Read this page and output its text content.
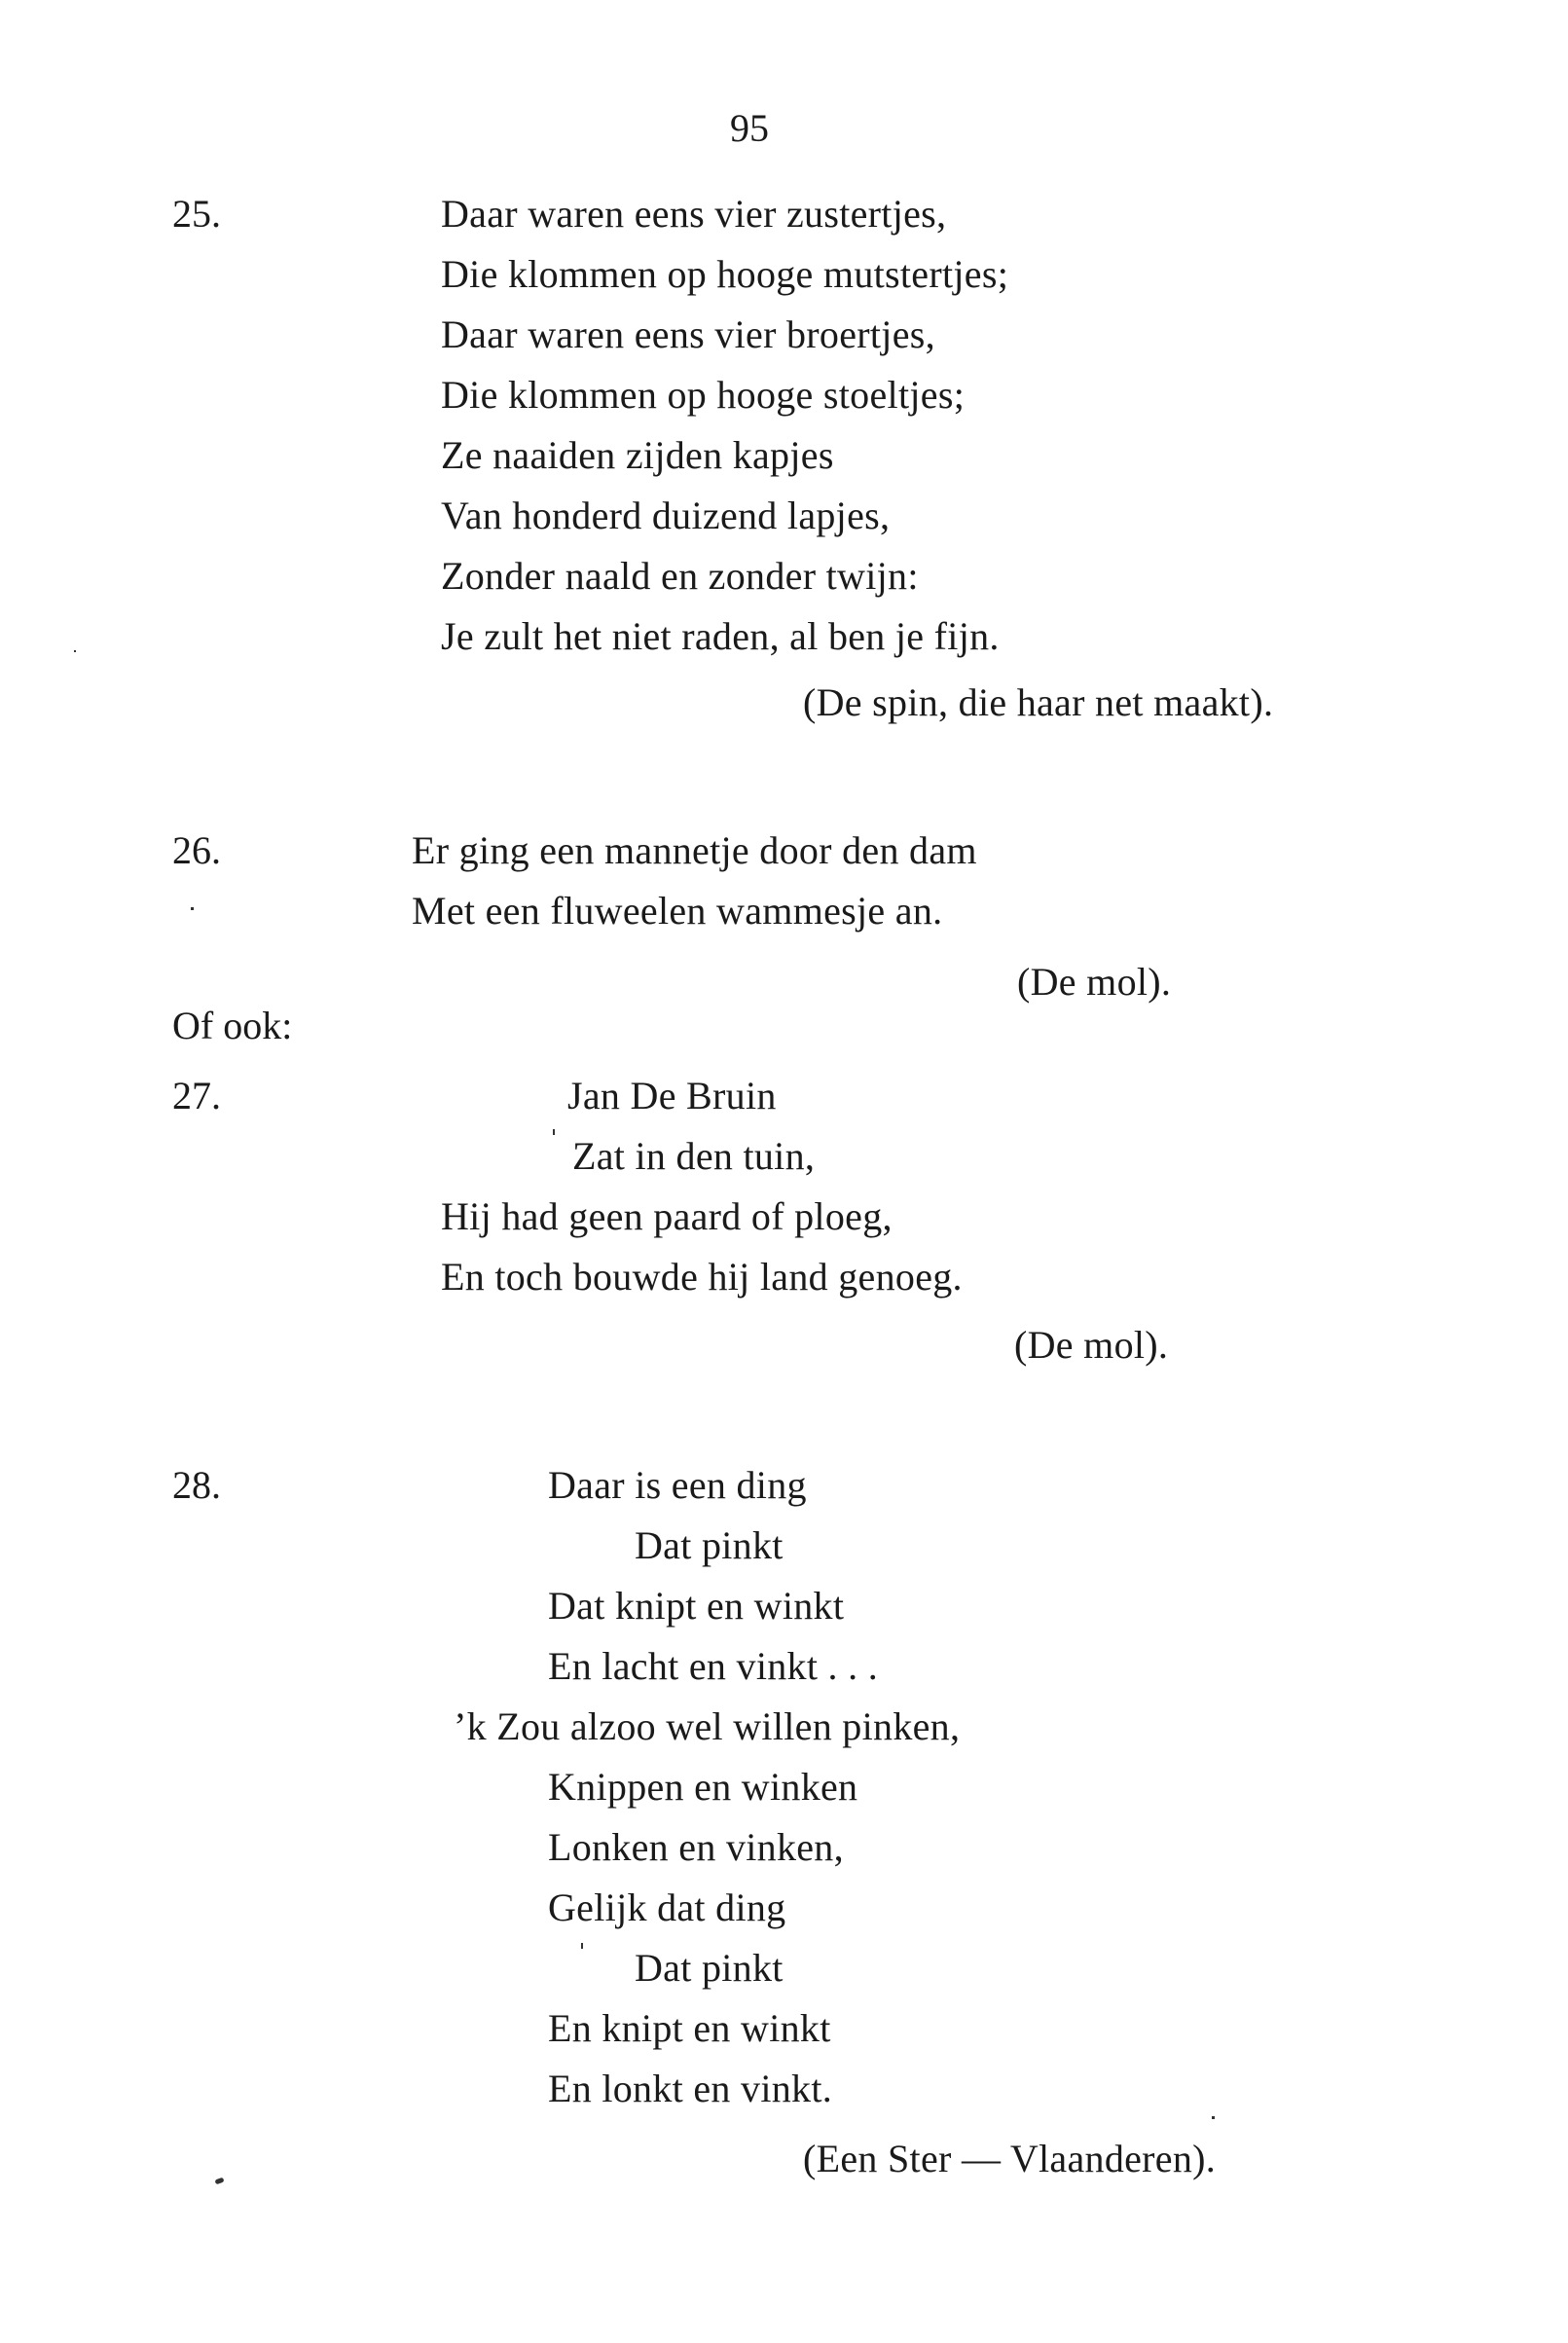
95
25.	Daar waren eens vier zustertjes,
Die klommen op hooge mutstertjes;
Daar waren eens vier broertjes,
Die klommen op hooge stoeltjes;
Ze naaiden zijden kapjes
Van honderd duizend lapjes,
Zonder naald en zonder twijn:
Je zult het niet raden, al ben je fijn.
(De spin, die haar net maakt).
26.	Er ging een mannetje door den dam
Met een fluweelen wammesje an.
(De mol).
Of ook:
27.	Jan De Bruin
Zat in den tuin,
Hij had geen paard of ploeg,
En toch bouwde hij land genoeg.
(De mol).
28.	Daar is een ding
Dat pinkt
Dat knipt en winkt
En lacht en vinkt . . .
’k Zou alzoo wel willen pinken,
Knippen en winken
Lonken en vinken,
Gelijk dat ding
Dat pinkt
En knipt en winkt
En lonkt en vinkt.
(Een Ster — Vlaanderen).
